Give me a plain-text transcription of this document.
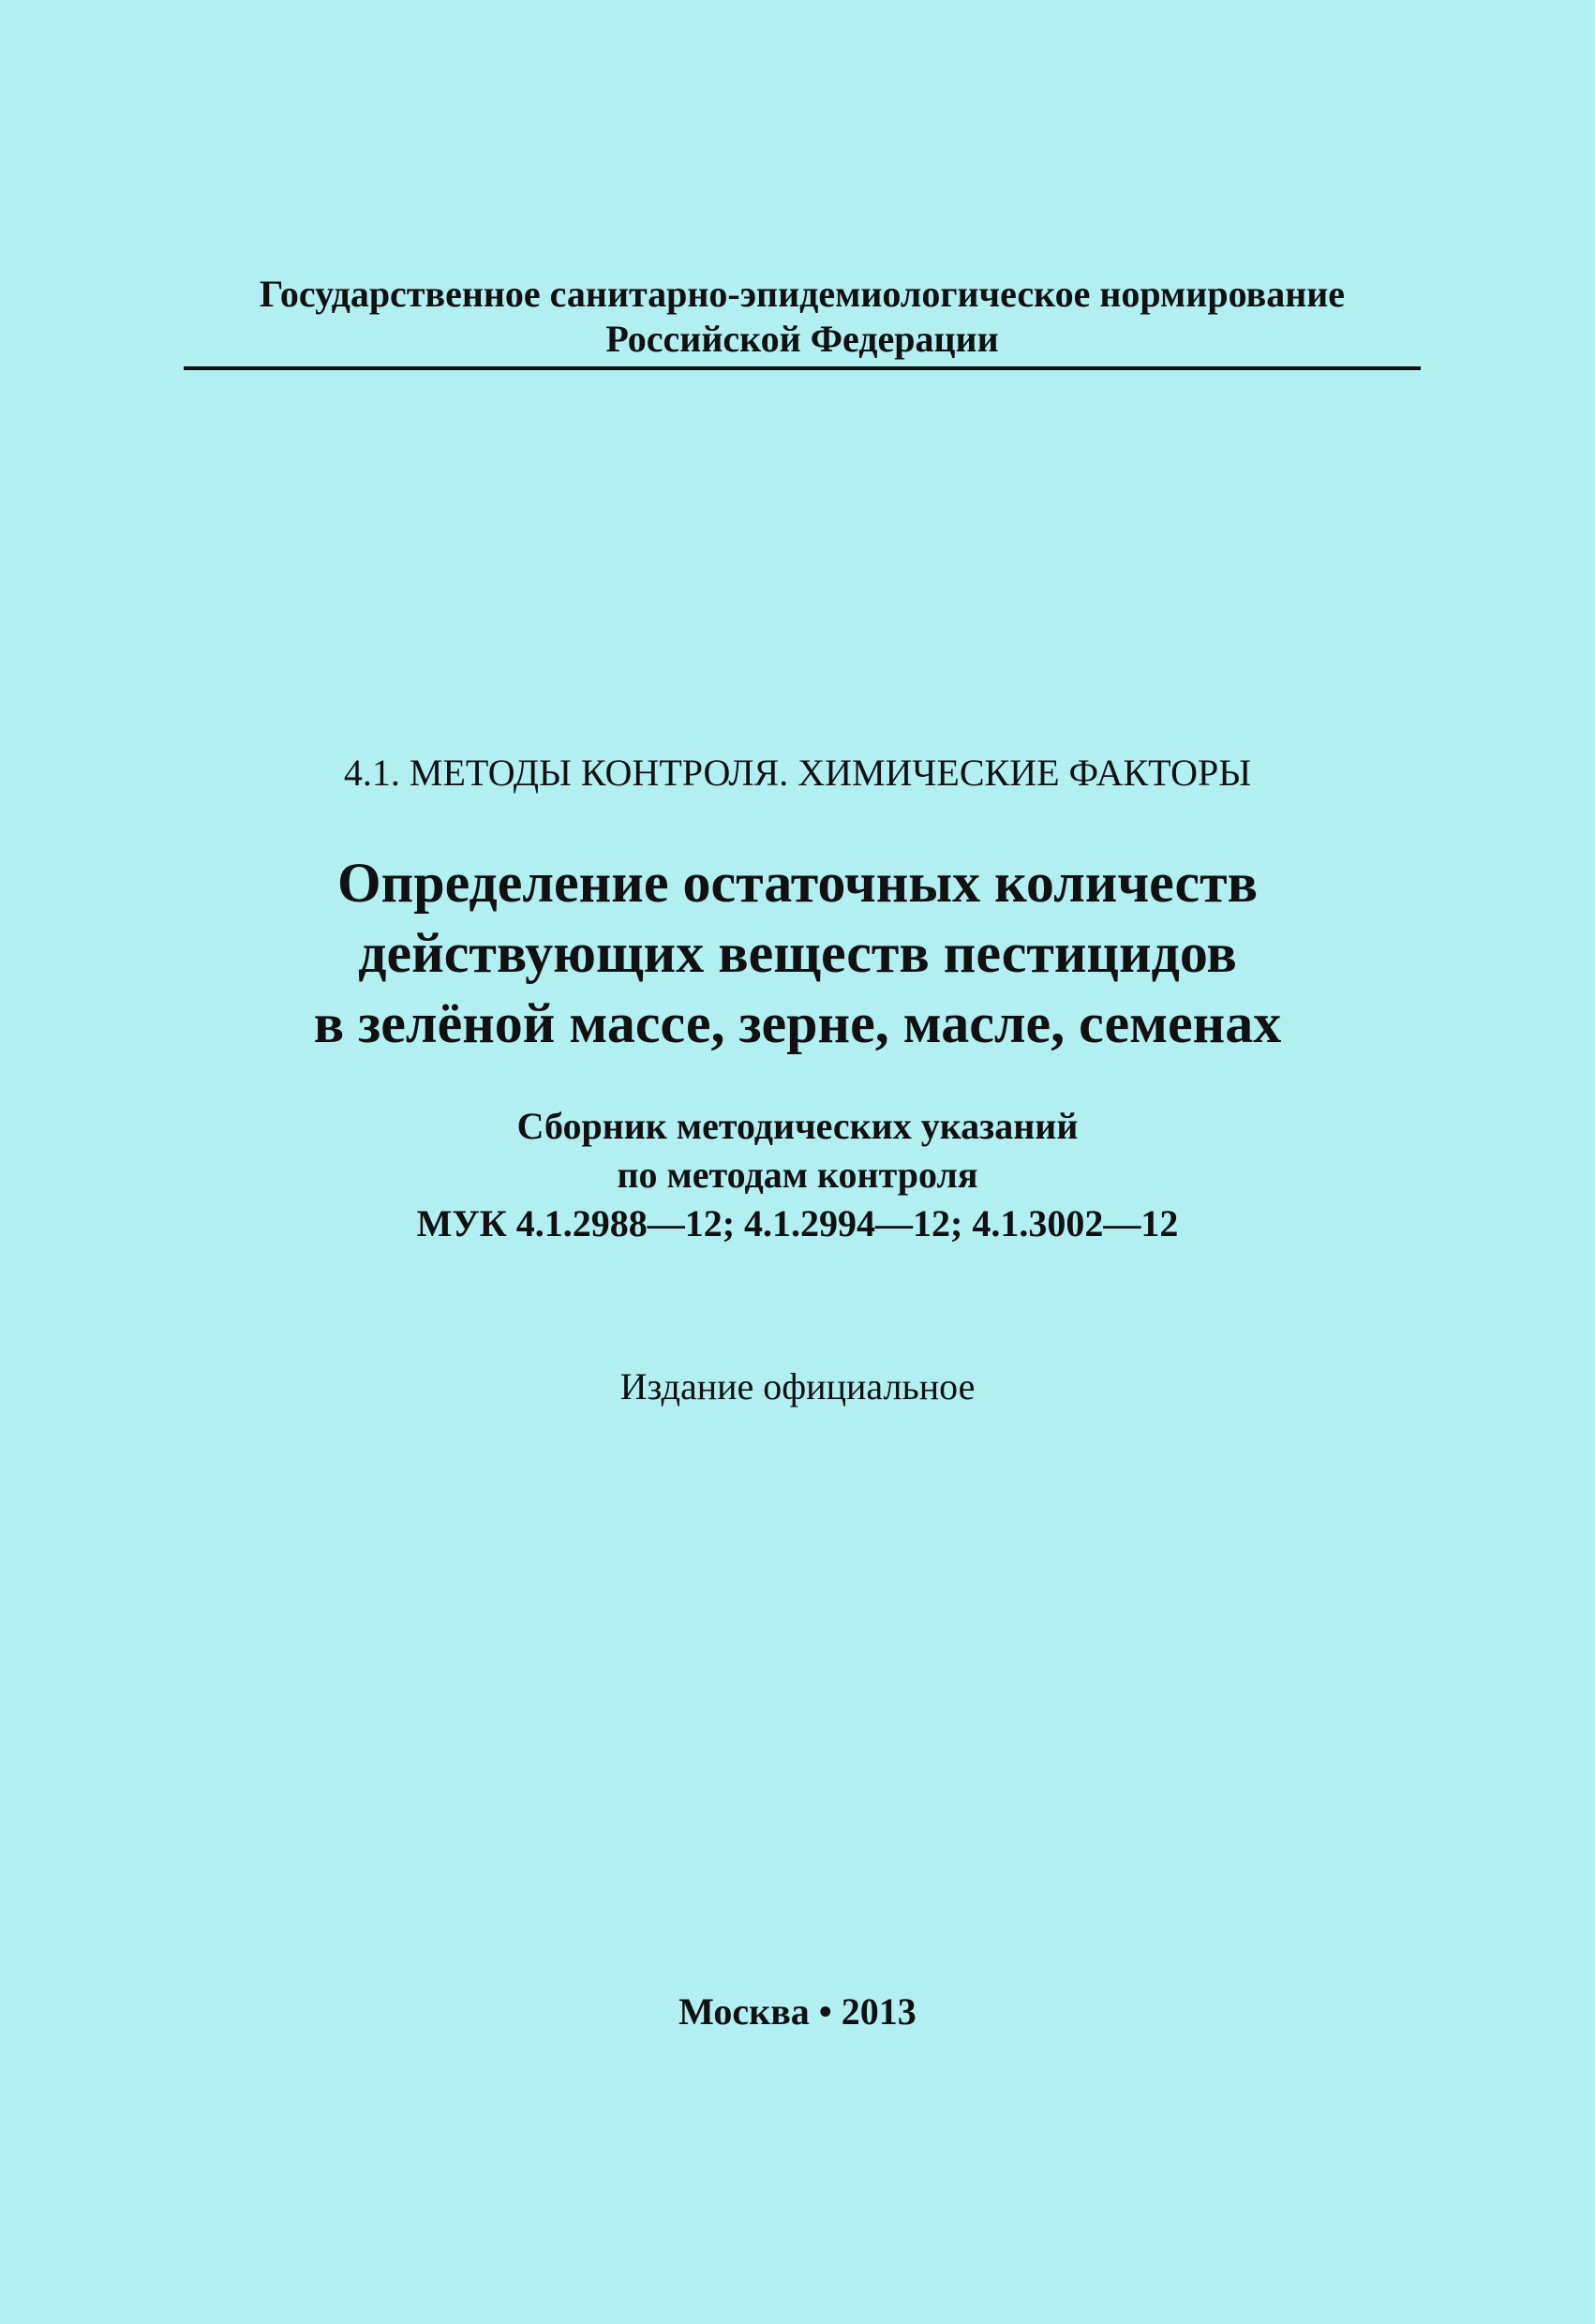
Государственное санитарно-эпидемиологическое нормирование
Российской Федерации
4.1. МЕТОДЫ КОНТРОЛЯ. ХИМИЧЕСКИЕ ФАКТОРЫ
Определение остаточных количеств
действующих веществ пестицидов
в зелёной массе, зерне, масле, семенах
Сборник методических указаний
по методам контроля
МУК 4.1.2988—12; 4.1.2994—12; 4.1.3002—12
Издание официальное
Москва • 2013
